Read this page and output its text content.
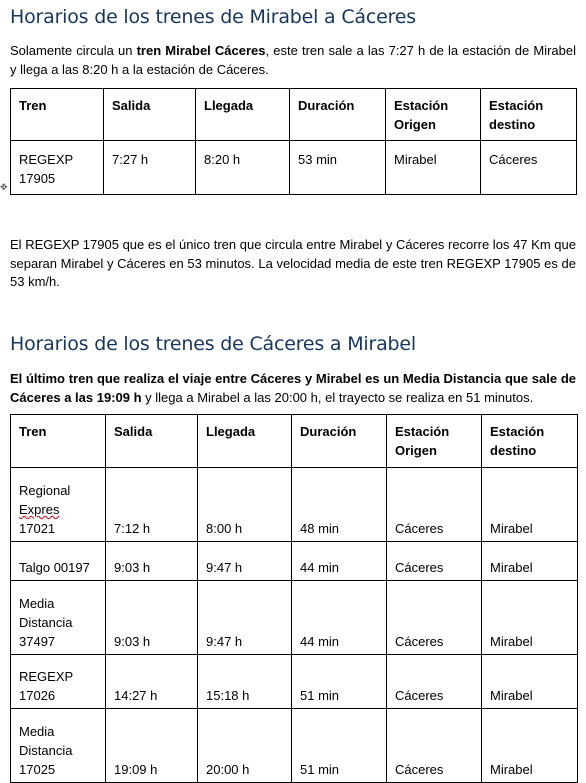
Horarios de los trenes de Mirabel a Cáceres

Solamente circula un tren Mirabel Cáceres, este tren sale a las 7:27 h de la estación de Mirabel y llega a las 8:20 h a la estación de Cáceres.

✥
Tren	Salida	Llegada	Duración	Estación Origen	Estación destino
REGEXP 17905	7:27 h	8:20 h	53 min	Mirabel	Cáceres

El REGEXP 17905 que es el único tren que circula entre Mirabel y Cáceres recorre los 47 Km que separan Mirabel y Cáceres en 53 minutos. La velocidad media de este tren REGEXP 17905 es de 53 km/h.

Horarios de los trenes de Cáceres a Mirabel

El último tren que realiza el viaje entre Cáceres y Mirabel es un Media Distancia que sale de Cáceres a las 19:09 h y llega a Mirabel a las 20:00 h, el trayecto se realiza en 51 minutos.

Tren	Salida	Llegada	Duración	Estación Origen	Estación destino
Regional
Expres
17021	7:12 h	8:00 h	48 min	Cáceres	Mirabel
Talgo 00197	9:03 h	9:47 h	44 min	Cáceres	Mirabel
Media
Distancia
37497	9:03 h	9:47 h	44 min	Cáceres	Mirabel
REGEXP
17026	14:27 h	15:18 h	51 min	Cáceres	Mirabel
Media
Distancia
17025	19:09 h	20:00 h	51 min	Cáceres	Mirabel
